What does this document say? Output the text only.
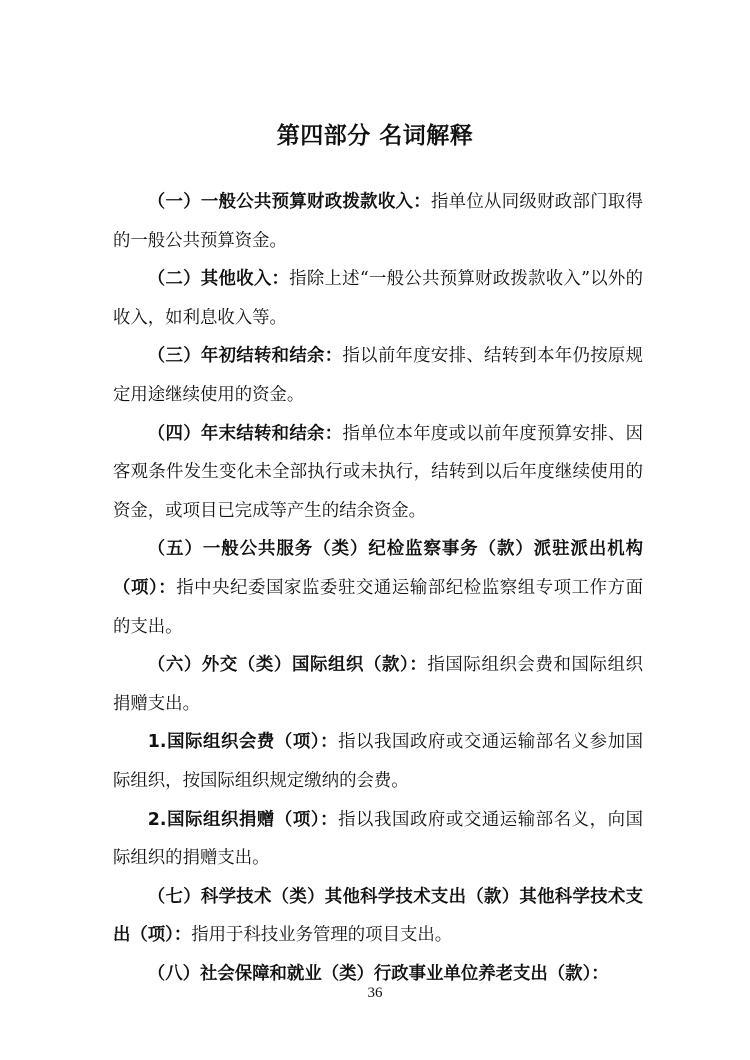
第四部分 名词解释

（一）一般公共预算财政拨款收入：指单位从同级财政部门取得的一般公共预算资金。

（二）其他收入：指除上述“一般公共预算财政拨款收入”以外的收入，如利息收入等。

（三）年初结转和结余：指以前年度安排、结转到本年仍按原规定用途继续使用的资金。

（四）年末结转和结余：指单位本年度或以前年度预算安排、因客观条件发生变化未全部执行或未执行，结转到以后年度继续使用的资金，或项目已完成等产生的结余资金。

（五）一般公共服务（类）纪检监察事务（款）派驻派出机构（项）：指中央纪委国家监委驻交通运输部纪检监察组专项工作方面的支出。

（六）外交（类）国际组织（款）：指国际组织会费和国际组织捐赠支出。

1.国际组织会费（项）：指以我国政府或交通运输部名义参加国际组织，按国际组织规定缴纳的会费。

2.国际组织捐赠（项）：指以我国政府或交通运输部名义，向国际组织的捐赠支出。

（七）科学技术（类）其他科学技术支出（款）其他科学技术支出（项）：指用于科技业务管理的项目支出。

（八）社会保障和就业（类）行政事业单位养老支出（款）：

36
